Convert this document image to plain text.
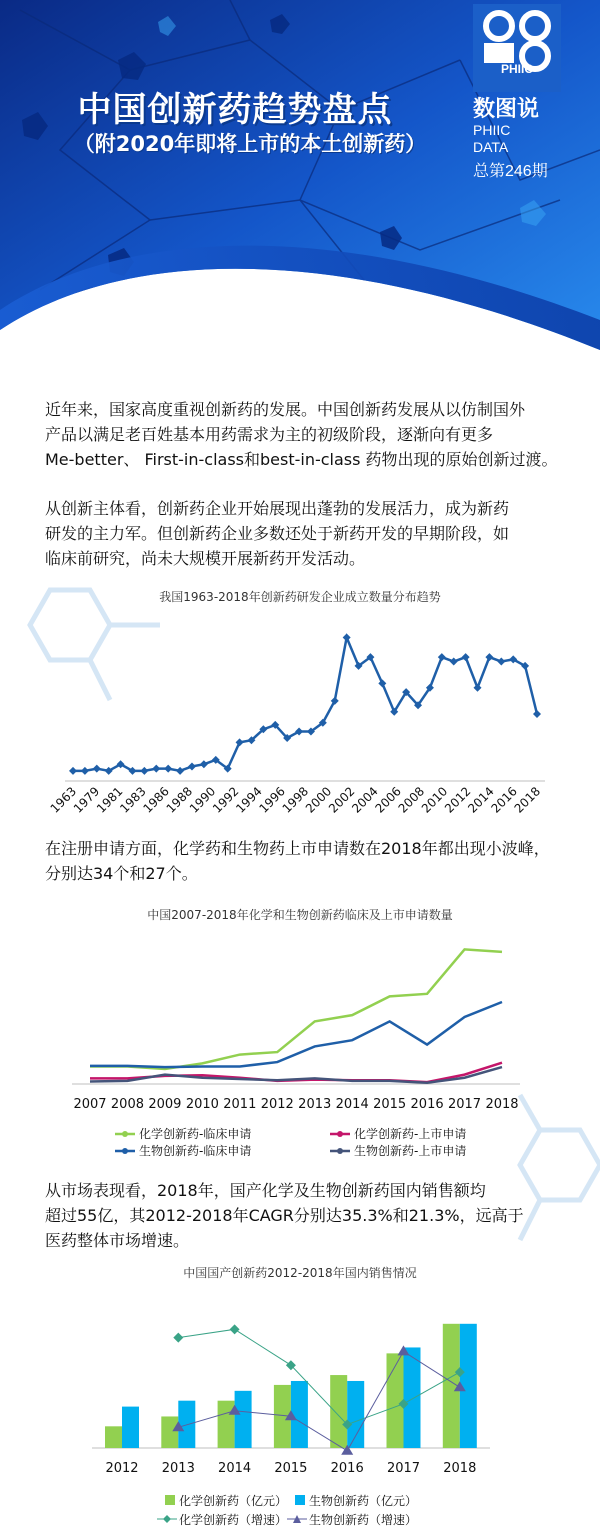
中国创新药趋势盘点
（附2020年即将上市的本土创新药）
PHIIC
数图说
PHIIC
DATA
总第246期
近年来，国家高度重视创新药的发展。中国创新药发展从以仿制国外
产品以满足老百姓基本用药需求为主的初级阶段，逐渐向有更多
Me-better、 First-in-class和best-in-class 药物出现的原始创新过渡。
从创新主体看，创新药企业开始展现出蓬勃的发展活力，成为新药
研发的主力军。但创新药企业多数还处于新药开发的早期阶段，如
临床前研究，尚未大规模开展新药开发活动。
在注册申请方面，化学药和生物药上市申请数在2018年都出现小波峰，
分别达34个和27个。
从市场表现看，2018年，国产化学及生物创新药国内销售额均
超过55亿，其2012-2018年CAGR分别达35.3%和21.3%，远高于
医药整体市场增速。
我国1963-2018年创新药研发企业成立数量分布趋势
1963
1979
1981
1983
1986
1988
1990
1992
1994
1996
1998
2000
2002
2004
2006
2008
2010
2012
2014
2016
2018
中国2007-2018年化学和生物创新药临床及上市申请数量
2007 2008 2009 2010 2011 2012 2013 2014 2015 2016 2017 2018
化学创新药-临床申请	化学创新药-上市申请
生物创新药-临床申请	生物创新药-上市申请
中国国产创新药2012-2018年国内销售情况
2012 2013 2014 2015 2016 2017 2018
化学创新药（亿元） 生物创新药（亿元）
化学创新药（增速） 生物创新药（增速）
